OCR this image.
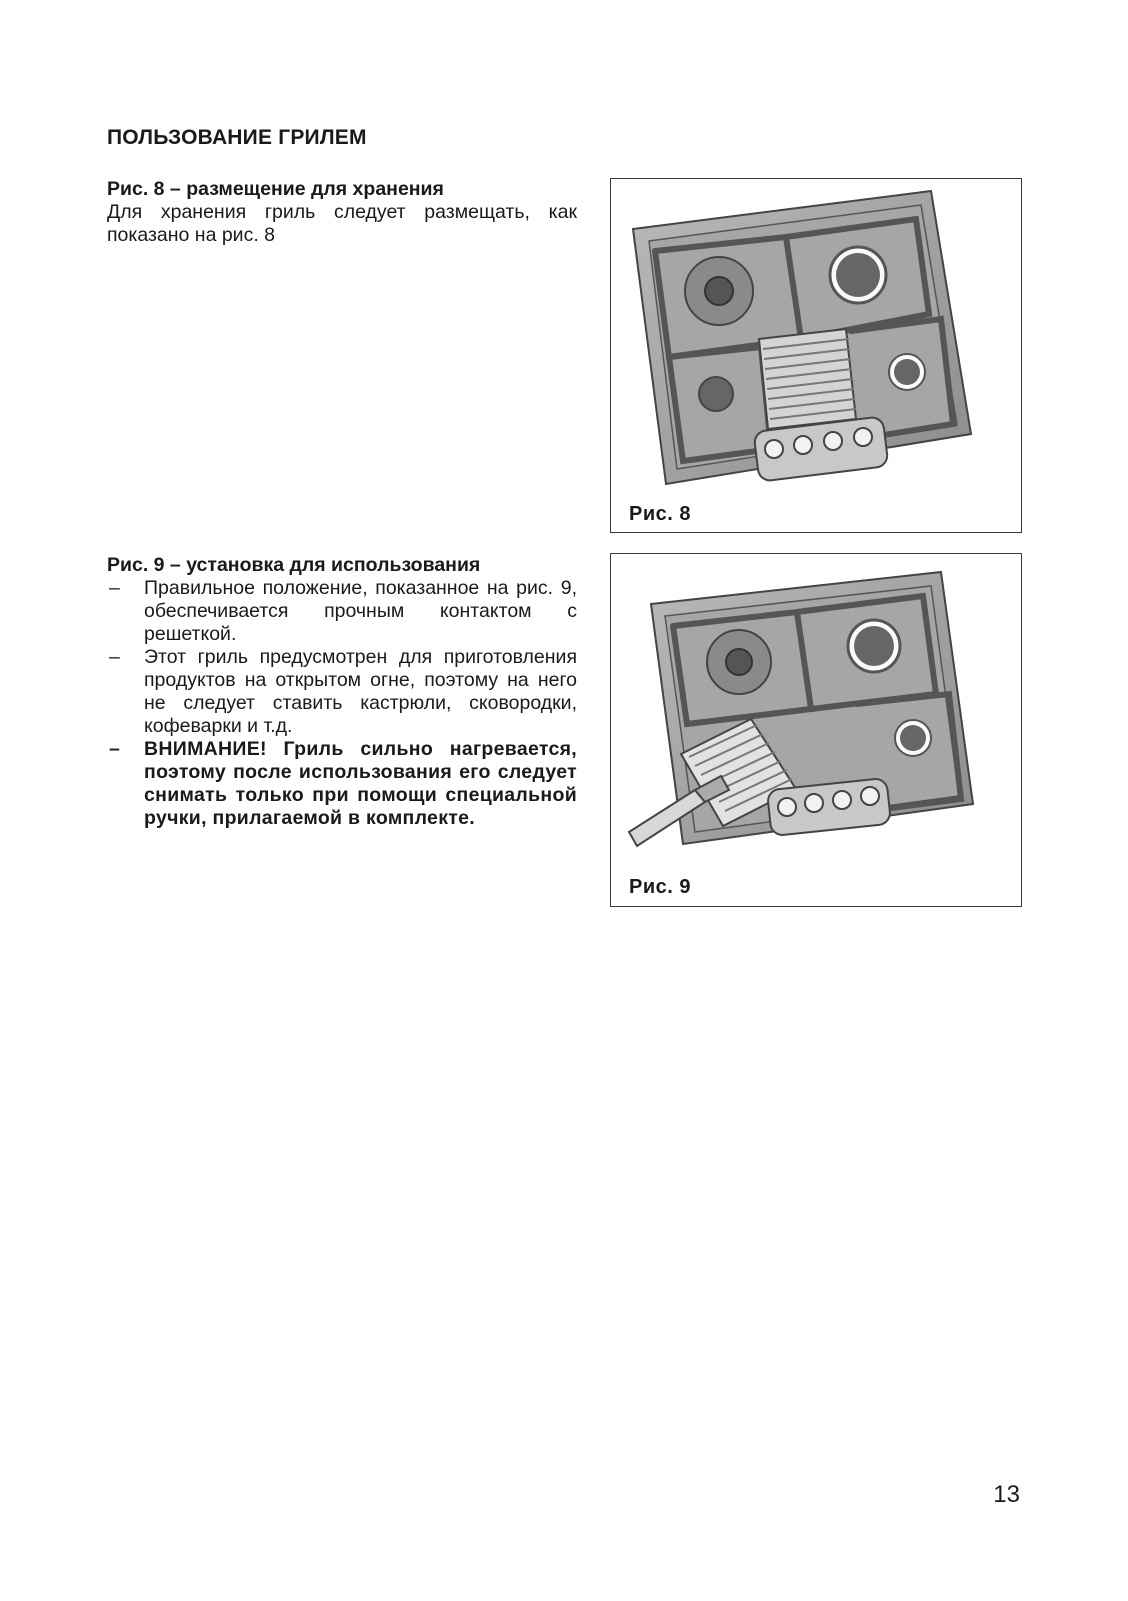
ПОЛЬЗОВАНИЕ ГРИЛЕМ
Рис. 8 – размещение для хранения
Для хранения гриль следует размещать, как показано на рис. 8
Рис. 9 – установка для использования
– Правильное положение, показанное на рис. 9, обеспечивается прочным контактом с решеткой.
– Этот гриль предусмотрен для приготовления продуктов на открытом огне, поэтому на него не следует ставить кастрюли, сковородки, кофеварки и т.д.
– ВНИМАНИЕ! Гриль сильно нагревается, поэтому после использования его следует снимать только при помощи специальной ручки, прилагаемой в комплекте.
Рис. 8
Рис. 9
13
